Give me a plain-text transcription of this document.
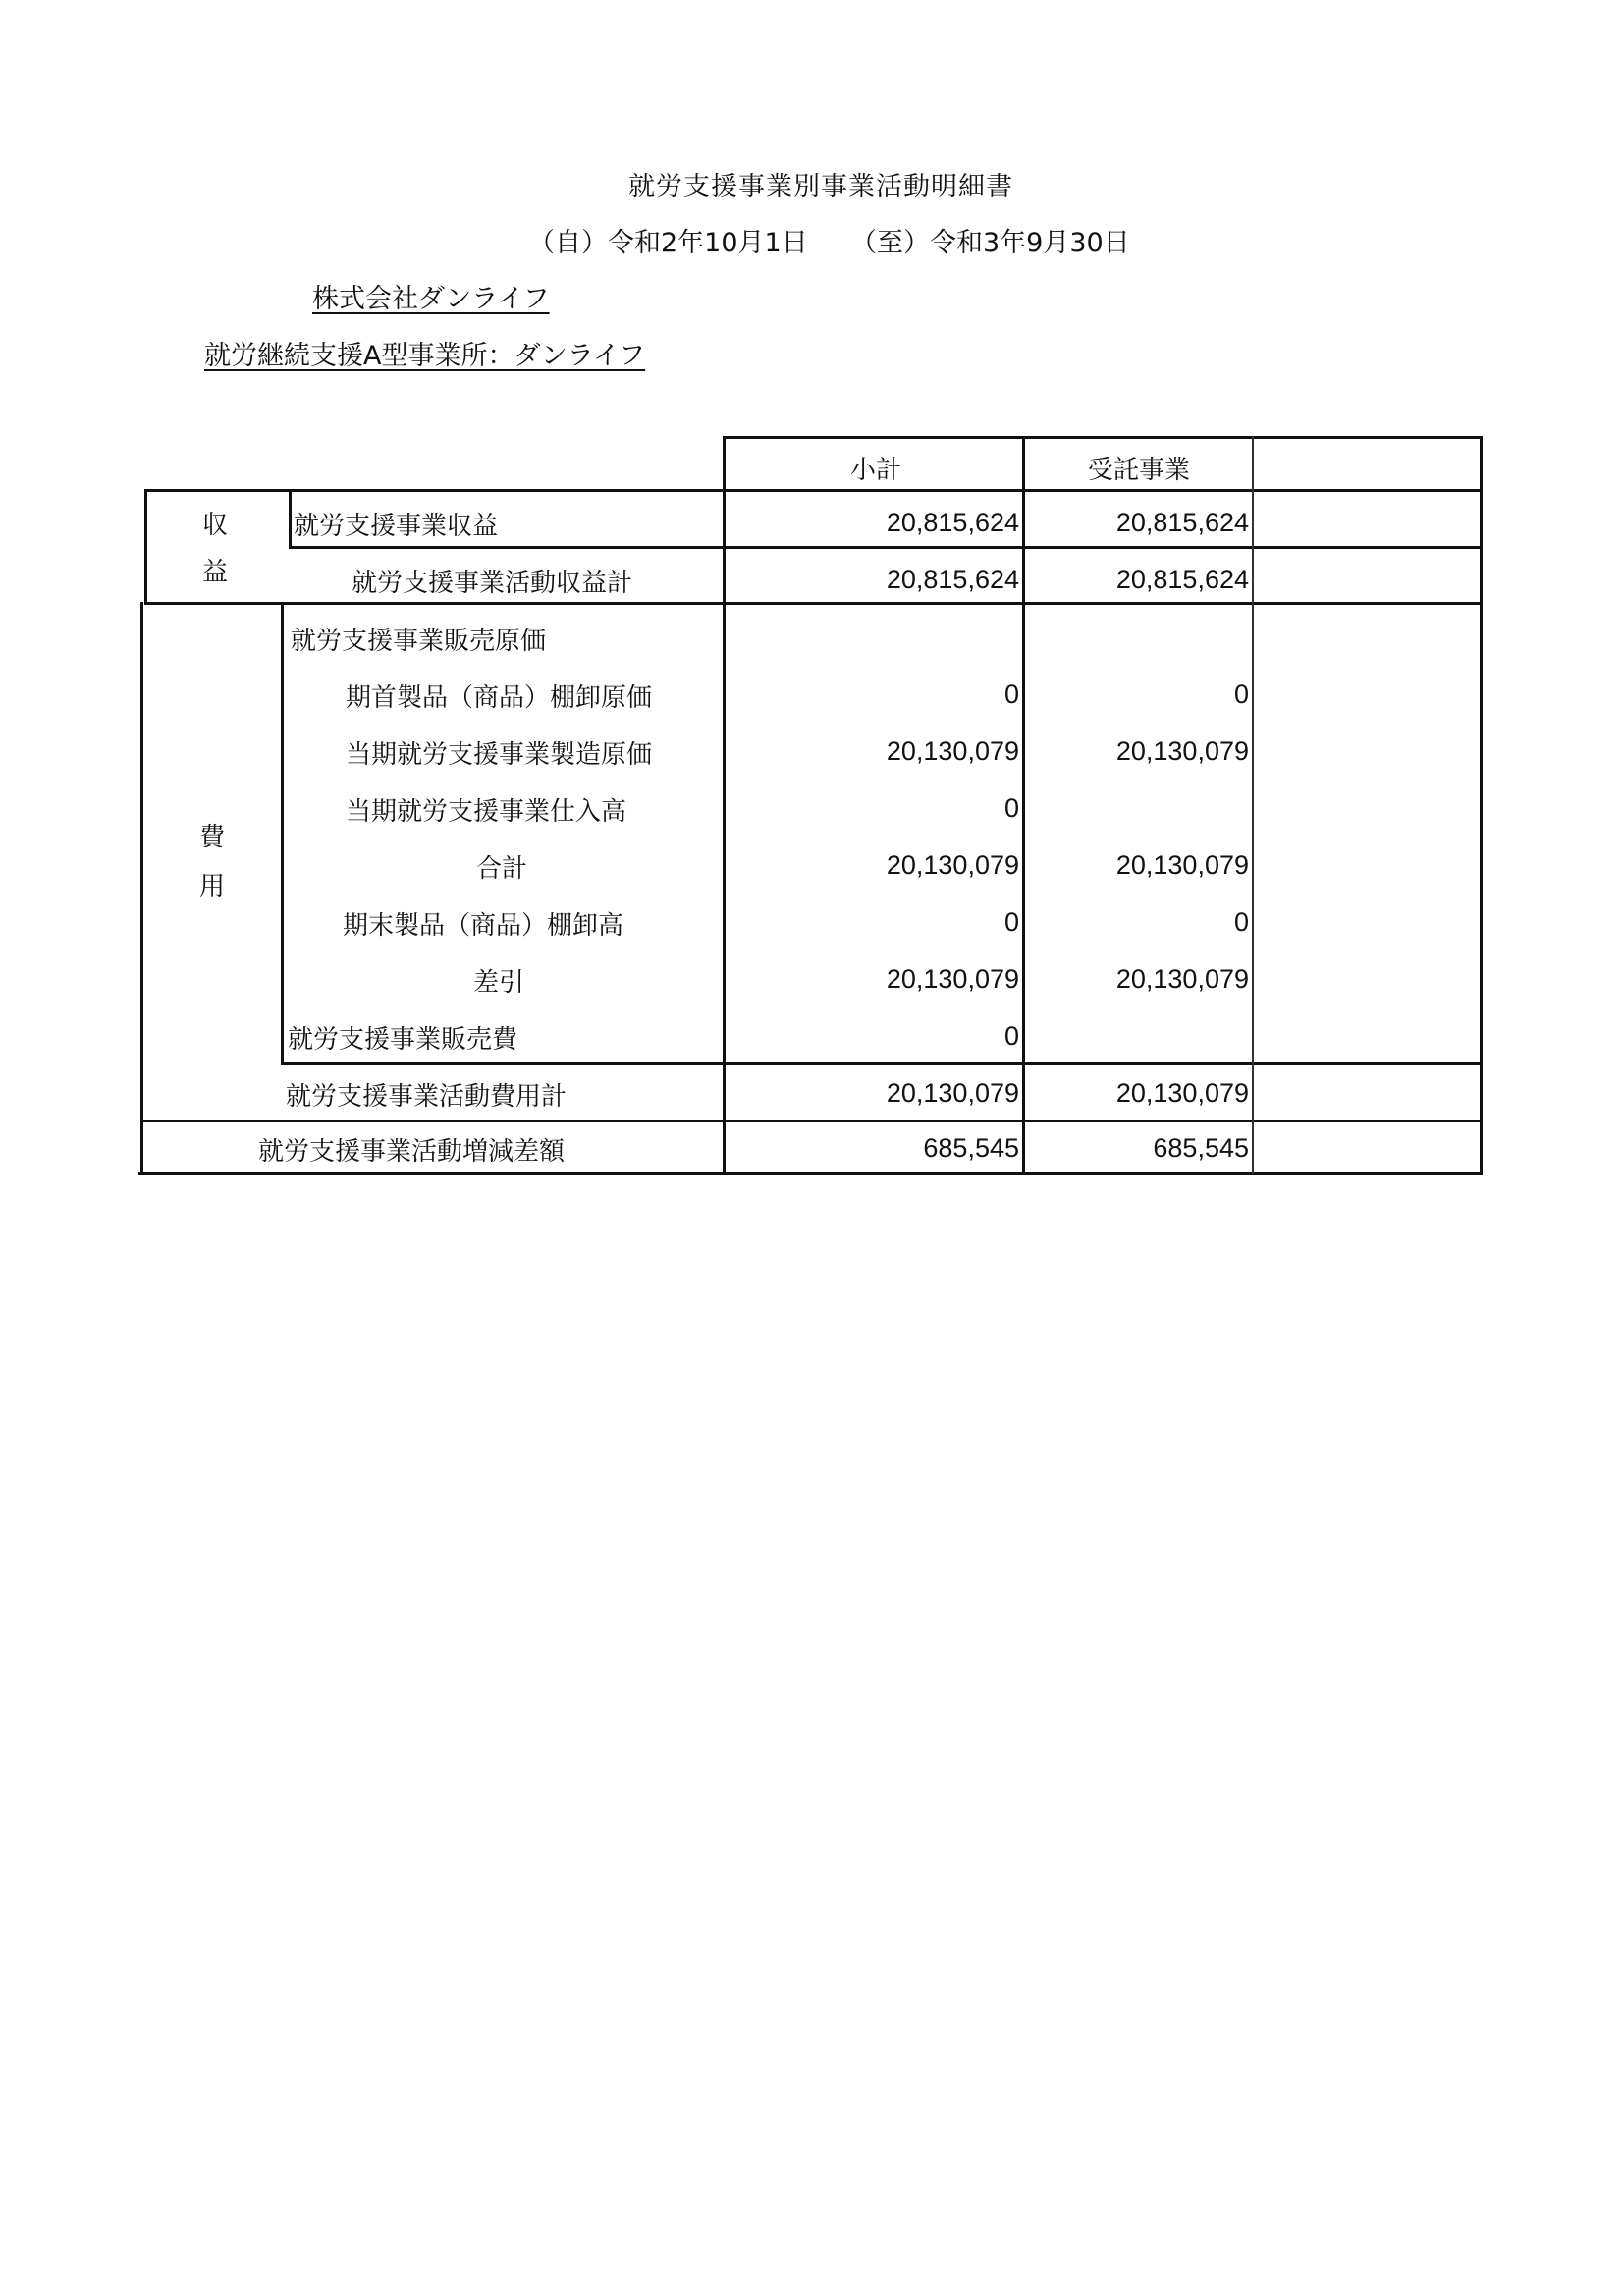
就労支援事業別事業活動明細書
（自）令和2年10月1日 （至）令和3年9月30日
株式会社ダンライフ
就労継続支援A型事業所：ダンライフ
小計	受託事業
収
益
費
用
就労支援事業収益	20,815,624	20,815,624
就労支援事業活動収益計	20,815,624	20,815,624
就労支援事業販売原価
期首製品（商品）棚卸原価	0	0
当期就労支援事業製造原価	20,130,079	20,130,079
当期就労支援事業仕入高	0
合計	20,130,079	20,130,079
期末製品（商品）棚卸高	0	0
差引	20,130,079	20,130,079
就労支援事業販売費	0
就労支援事業活動費用計	20,130,079	20,130,079
就労支援事業活動増減差額	685,545	685,545
